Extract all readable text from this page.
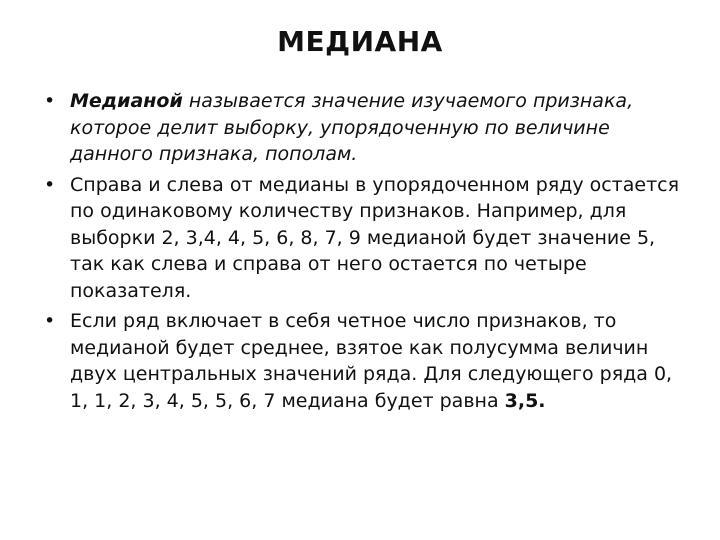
МЕДИАНА
• Медианой называется значение изучаемого признака, которое делит выборку, упорядоченную по величине данного признака, пополам.
• Справа и слева от медианы в упорядоченном ряду остается по одинаковому количеству признаков. Например, для выборки 2, 3,4, 4, 5, 6, 8, 7, 9 медианой будет значение 5, так как слева и справа от него остается по четыре показателя.
• Если ряд включает в себя четное число признаков, то медианой будет среднее, взятое как полусумма величин двух центральных значений ряда. Для следующего ряда 0, 1, 1, 2, 3, 4, 5, 5, 6, 7 медиана будет равна 3,5.
